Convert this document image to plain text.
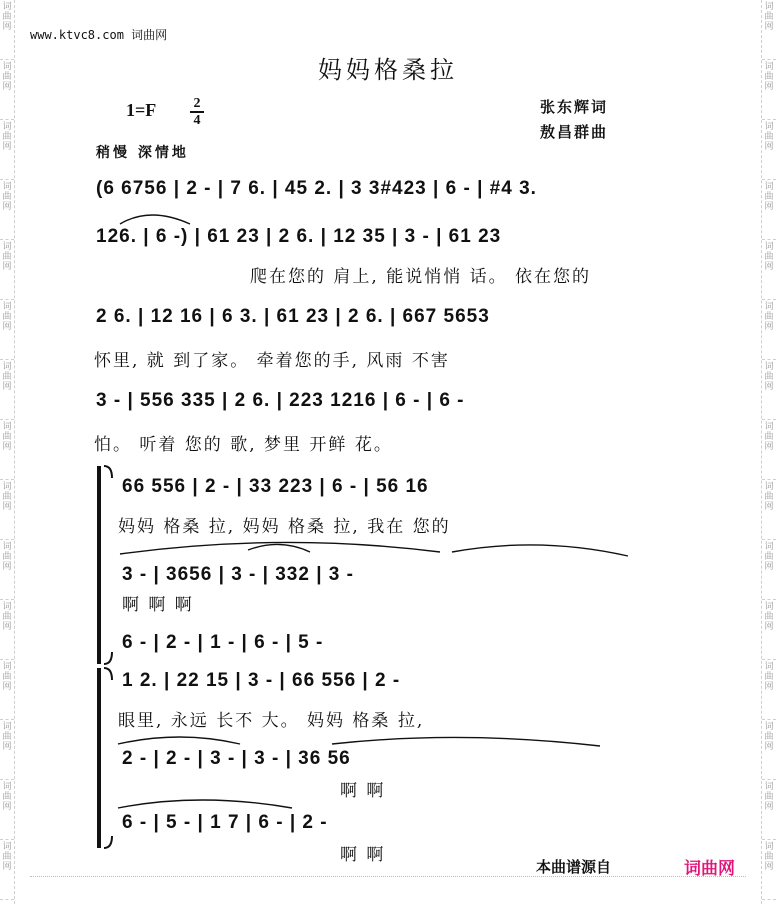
词
曲
网
词
曲
网
词
曲
网
词
曲
网
词
曲
网
词
曲
网
词
曲
网
词
曲
网
词
曲
网
词
曲
网
词
曲
网
词
曲
网
词
曲
网
词
曲
网
词
曲
网
词
曲
网
词
曲
网
词
曲
网
词
曲
网
词
曲
网
词
曲
网
词
曲
网
词
曲
网
词
曲
网
词
曲
网
词
曲
网
词
曲
网
词
曲
网
词
曲
网
词
曲
网
www.ktvc8.com 词曲网
妈妈格桑拉
1=F	2
4
张东辉词
敖昌群曲
稍慢 深情地
(6 6756 | 2 - | 7 6. | 45 2. | 3 3#423 | 6 - | #4 3.
126. | 6 -) | 61 23 | 2 6. | 12 35 | 3 - | 61 23
爬在您的 肩上, 能说悄悄 话。 依在您的
2 6. | 12 16 | 6 3. | 61 23 | 2 6. | 667 5653
怀里, 就 到了家。 牵着您的手, 风雨 不害
3 - | 556 335 | 2 6. | 223 1216 | 6 - | 6 -
怕。 听着 您的 歌, 梦里 开鲜 花。
66 556 | 2 - | 33 223 | 6 - | 56 16
妈妈 格桑 拉, 妈妈 格桑 拉, 我在 您的
3 - | 3656 | 3 - | 332 | 3 -
啊 啊 啊
6 - | 2 - | 1 - | 6 - | 5 -
1 2. | 22 15 | 3 - | 66 556 | 2 -
眼里, 永远 长不 大。 妈妈 格桑 拉,
2 - | 2 - | 3 - | 3 - | 36 56
啊 啊
6 - | 5 - | 1 7 | 6 - | 2 -
啊 啊
本曲谱源自	词曲网
